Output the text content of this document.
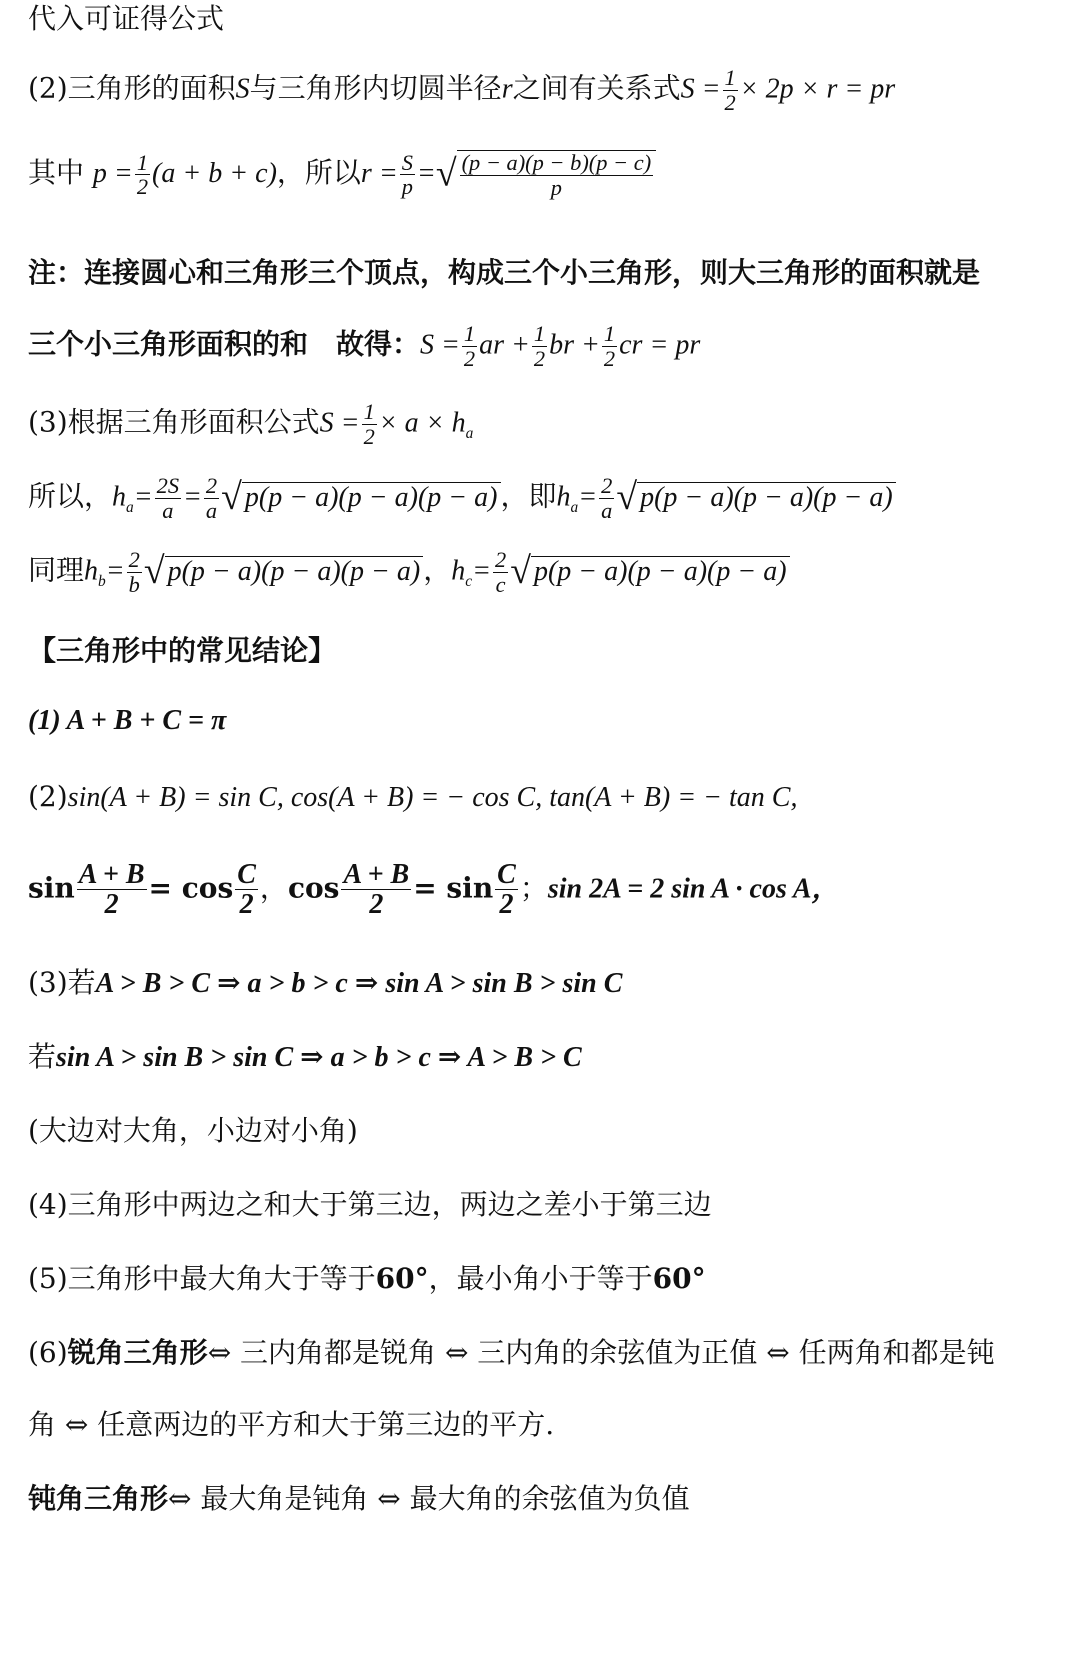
代入可证得公式
(2)三角形的面积S与三角形内切圆半径r之间有关系式$S = \frac{1}{2} \times 2p \times r$ = pr
其中 $p = \frac{1}{2} (a + b + c)$，所以$r = \frac{S}{p}$ =√ $\frac{(p - a)(p - b)(p - c)}{p}$
注：连接圆心和三角形三个顶点，构成三个小三角形，则大三角形的面积就是
三个小三角形面积的和　故得：$S = \frac{1}{2}$ ar + $\frac{1}{2}$ br + $\frac{1}{2}$ cr = pr
(3)根据三角形面积公式$S = \frac{1}{2} \times a \times h_a$
所以，$h_a= \frac{2S}{a} = \frac{2}{a}$ √ p(p − a)(p − a)(p − a) ，即$h_a= \frac{2}{a}$ √ p(p − a)(p − a)(p − a)
同理$h_b= \frac{2}{b}$ √ p(p − a)(p − a)(p − a) ，$h_c= \frac{2}{c}$ √ p(p − a)(p − a)(p − a)
【三角形中的常见结论】
(1) A + B + C = π
(2)sin(A + B) = sin C, cos(A + B) = − cos C, tan(A + B) = − tan C,
$\sin \frac{A + B}{2} = \cos \frac{C}{2}$ ，$\cos \frac{A + B}{2} = \sin \frac{C}{2}$ ；sin 2A = 2 sin A · cos A，
(3)若A > B > C ⇒ a > b > c ⇒ sin A > sin B > sin C
若sin A > sin B > sin C ⇒ a > b > c ⇒ A > B > C
(大边对大角，小边对小角)
(4)三角形中两边之和大于第三边，两边之差小于第三边
(5)三角形中最大角大于等于60°，最小角小于等于60°
(6)锐角三角形⇔ 三内角都是锐角 ⇔ 三内角的余弦值为正值 ⇔ 任两角和都是钝
角 ⇔ 任意两边的平方和大于第三边的平方.
钝角三角形⇔ 最大角是钝角 ⇔ 最大角的余弦值为负值
